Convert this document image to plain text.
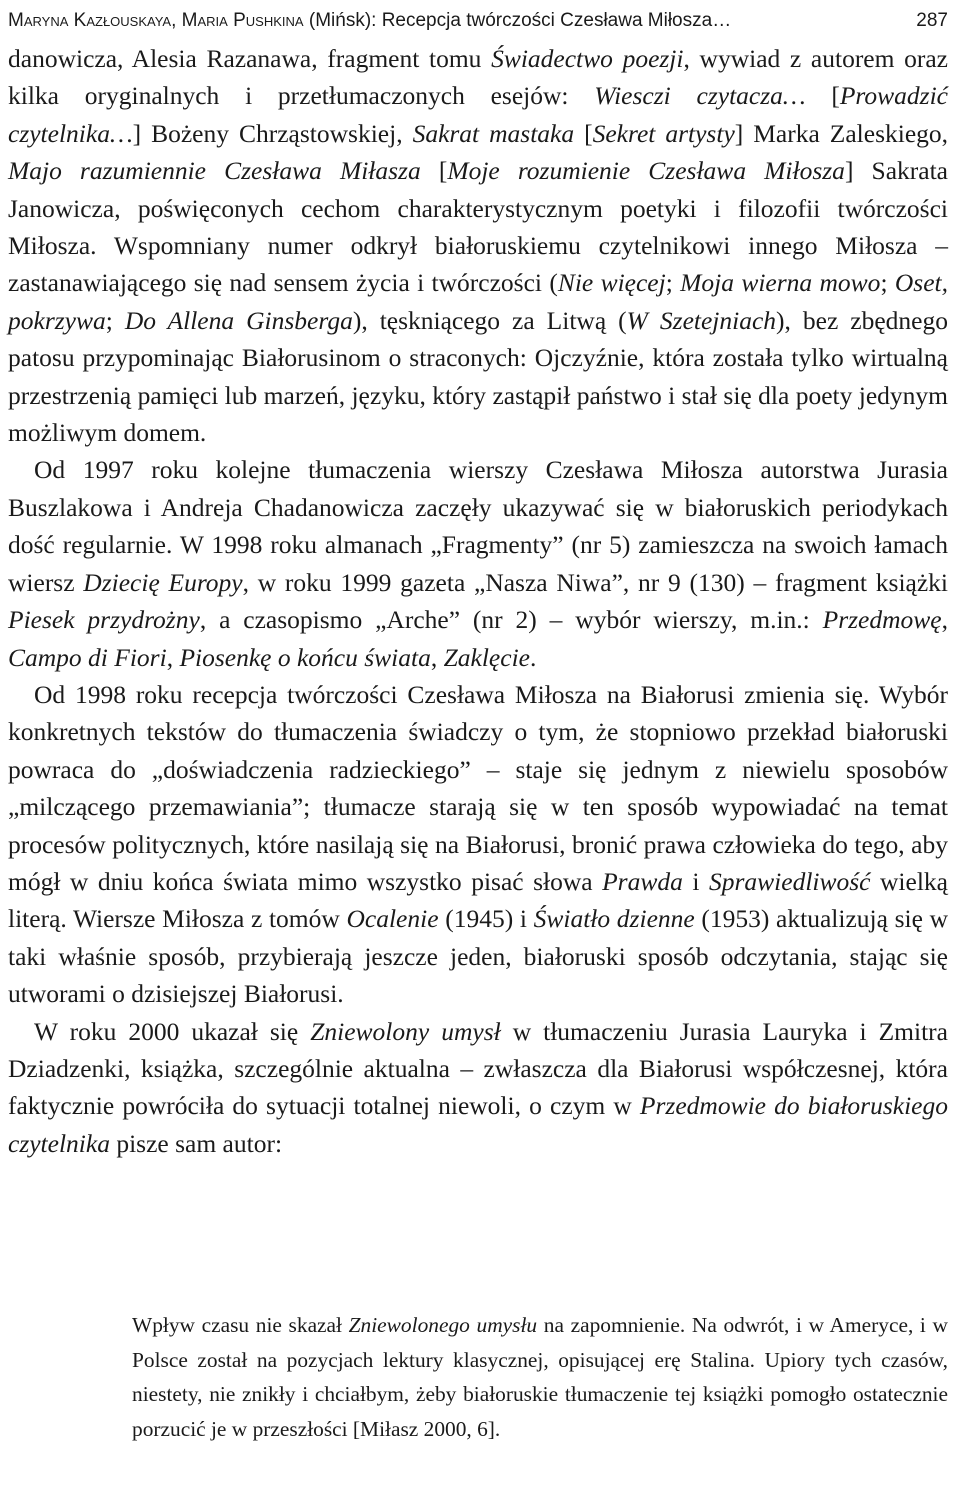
Maryna Kazłouskaya, Maria Pushkina (Mińsk): Recepcja twórczości Czesława Miłosza…	287

danowicza, Alesia Razanawa, fragment tomu Świadectwo poezji, wywiad z autorem oraz kilka oryginalnych i przetłumaczonych esejów: Wiesczi czytacza… [Prowadzić czytelnika…] Bożeny Chrząstowskiej, Sakrat mastaka [Sekret artysty] Marka Zaleskiego, Majo razumiennie Czesława Miłasza [Moje rozumienie Czesława Miłosza] Sakrata Janowicza, poświęconych cechom charakterystycznym poetyki i filozofii twórczości Miłosza. Wspomniany numer odkrył białoruskiemu czytelnikowi innego Miłosza – zastanawiającego się nad sensem życia i twórczości (Nie więcej; Moja wierna mowo; Oset, pokrzywa; Do Allena Ginsberga), tęskniącego za Litwą (W Szetejniach), bez zbędnego patosu przypominając Białorusinom o straconych: Ojczyźnie, która została tylko wirtualną przestrzenią pamięci lub marzeń, języku, który zastąpił państwo i stał się dla poety jedynym możliwym domem.

Od 1997 roku kolejne tłumaczenia wierszy Czesława Miłosza autorstwa Jurasia Buszlakowa i Andreja Chadanowicza zaczęły ukazywać się w białoruskich periodykach dość regularnie. W 1998 roku almanach „Fragmenty” (nr 5) zamieszcza na swoich łamach wiersz Dziecię Europy, w roku 1999 gazeta „Nasza Niwa”, nr 9 (130) – fragment książki Piesek przydrożny, a czasopismo „Arche” (nr 2) – wybór wierszy, m.in.: Przedmowę, Campo di Fiori, Piosenkę o końcu świata, Zaklęcie.

Od 1998 roku recepcja twórczości Czesława Miłosza na Białorusi zmienia się. Wybór konkretnych tekstów do tłumaczenia świadczy o tym, że stopniowo przekład białoruski powraca do „doświadczenia radzieckiego” – staje się jednym z niewielu sposobów „milczącego przemawiania”; tłumacze starają się w ten sposób wypowiadać na temat procesów politycznych, które nasilają się na Białorusi, bronić prawa człowieka do tego, aby mógł w dniu końca świata mimo wszystko pisać słowa Prawda i Sprawiedliwość wielką literą. Wiersze Miłosza z tomów Ocalenie (1945) i Światło dzienne (1953) aktualizują się w taki właśnie sposób, przybierają jeszcze jeden, białoruski sposób odczytania, stając się utworami o dzisiejszej Białorusi.

W roku 2000 ukazał się Zniewolony umysł w tłumaczeniu Jurasia Lauryka i Zmitra Dziadzenki, książka, szczególnie aktualna – zwłaszcza dla Białorusi współczesnej, która faktycznie powróciła do sytuacji totalnej niewoli, o czym w Przedmowie do białoruskiego czytelnika pisze sam autor:

Wpływ czasu nie skazał Zniewolonego umysłu na zapomnienie. Na odwrót, i w Ameryce, i w Polsce został na pozycjach lektury klasycznej, opisującej erę Stalina. Upiory tych czasów, niestety, nie znikły i chciałbym, żeby białoruskie tłumaczenie tej książki pomogło ostatecznie porzucić je w przeszłości [Miłasz 2000, 6].
